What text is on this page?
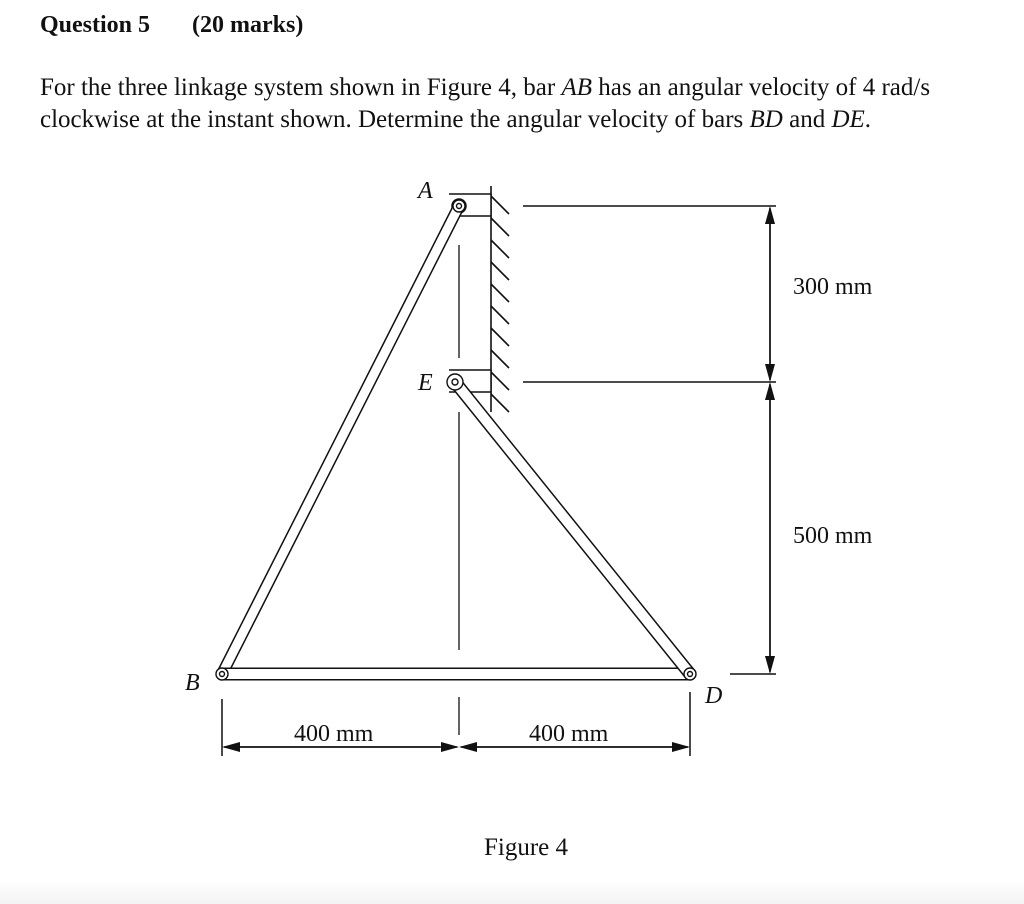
Question 5 (20 marks)
For the three linkage system shown in Figure 4, bar AB has an angular velocity of 4 rad/s
clockwise at the instant shown. Determine the angular velocity of bars BD and DE.
A
E
B	D
300 mm
500 mm
400 mm	400 mm
Figure 4
